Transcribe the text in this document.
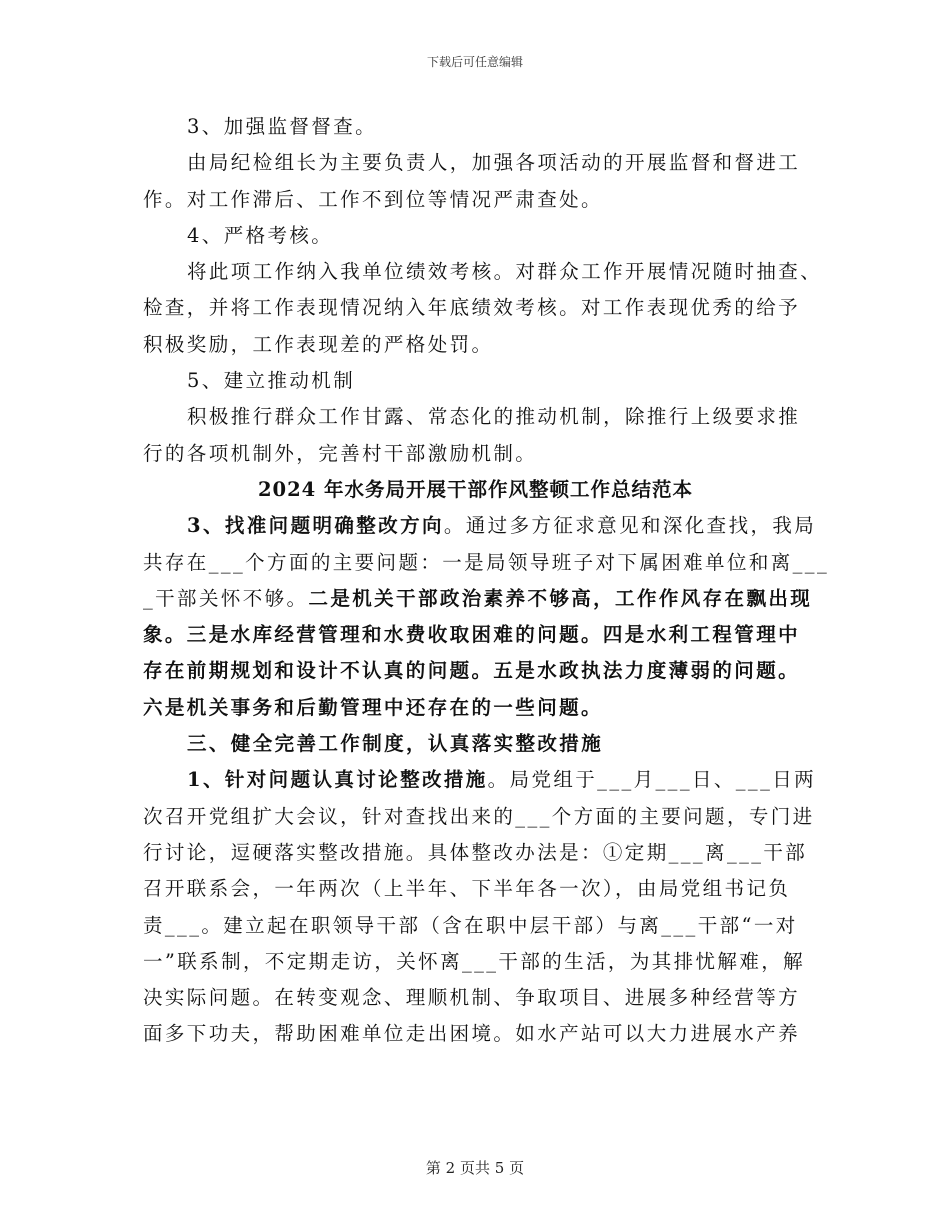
下载后可任意编辑
3、加强监督督查。
由局纪检组长为主要负责人，加强各项活动的开展监督和督进工
作。对工作滞后、工作不到位等情况严肃查处。
4、严格考核。
将此项工作纳入我单位绩效考核。对群众工作开展情况随时抽查、
检查，并将工作表现情况纳入年底绩效考核。对工作表现优秀的给予
积极奖励，工作表现差的严格处罚。
5、建立推动机制
积极推行群众工作甘露、常态化的推动机制，除推行上级要求推
行的各项机制外，完善村干部激励机制。
2024 年水务局开展干部作风整顿工作总结范本
3、找准问题明确整改方向。通过多方征求意见和深化查找，我局
共存在___个方面的主要问题：一是局领导班子对下属困难单位和离___
_干部关怀不够。二是机关干部政治素养不够高，工作作风存在飘出现
象。三是水库经营管理和水费收取困难的问题。四是水利工程管理中
存在前期规划和设计不认真的问题。五是水政执法力度薄弱的问题。
六是机关事务和后勤管理中还存在的一些问题。
三、健全完善工作制度，认真落实整改措施
1、针对问题认真讨论整改措施。局党组于___月___日、___日两
次召开党组扩大会议，针对查找出来的___个方面的主要问题，专门进
行讨论，逗硬落实整改措施。具体整改办法是：①定期___离___干部
召开联系会，一年两次（上半年、下半年各一次），由局党组书记负
责___。建立起在职领导干部（含在职中层干部）与离___干部“一对
一”联系制，不定期走访，关怀离___干部的生活，为其排忧解难，解
决实际问题。在转变观念、理顺机制、争取项目、进展多种经营等方
面多下功夫，帮助困难单位走出困境。如水产站可以大力进展水产养
第 2 页共 5 页
